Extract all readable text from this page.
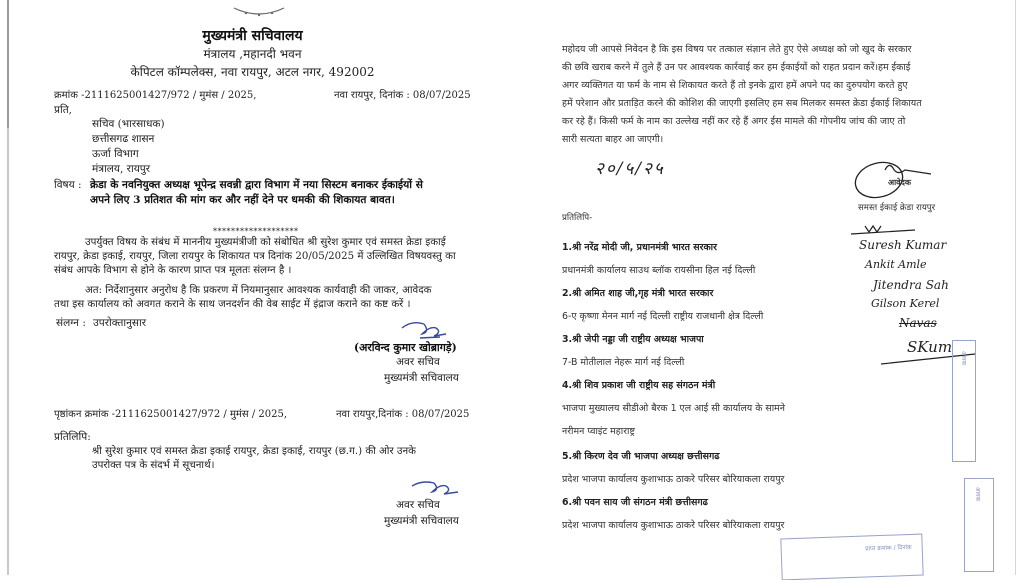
मुख्यमंत्री सचिवालय
मंत्रालय ,महानदी भवन
केपिटल कॉम्पलेक्स, नवा रायपुर, अटल नगर, 492002
क्रमांक -2111625001427/972 / मुमंस / 2025,	नवा रायपुर, दिनांक : 08/07/2025
प्रति,
सचिव (भारसाधक)
छत्तीसगढ शासन
ऊर्जा विभाग
मंत्रालय, रायपुर
विषय : क्रेडा के नवनियुक्त अध्यक्ष भूपेन्द्र सवन्नी द्वारा विभाग में नया सिस्टम बनाकर ईकाईयों से
अपने लिए 3 प्रतिशत की मांग कर और नहीं देने पर धमकी की शिकायत बावत।
*******************
उपर्युक्त विषय के संबंध में माननीय मुख्यमंत्रीजी को संबोधित श्री सुरेश कुमार एवं समस्त क्रेडा इकाई
रायपुर, क्रेडा इकाई, रायपुर, जिला रायपुर के शिकायत पत्र दिनांक 20/05/2025 में उल्लिखित विषयवस्तु का
संबंध आपके विभाग से होने के कारण प्राप्त पत्र मूलतः संलग्न है ।
अत: निर्देशानुसार अनुरोध है कि प्रकरण में नियमानुसार आवश्यक कार्यवाही की जाकर, आवेदक
तथा इस कार्यालय को अवगत कराने के साथ जनदर्शन की वेब साईट में इंद्राज कराने का कष्ट करें ।
संलग्न : उपरोक्तानुसार
(अरविन्द कुमार खोब्रागड़े)
अवर सचिव
मुख्यमंत्री सचिवालय
पृष्ठांकन क्रमांक -2111625001427/972 / मुमंस / 2025,	नवा रायपुर,दिनांक : 08/07/2025
प्रतिलिपि:
श्री सुरेश कुमार एवं समस्त क्रेडा इकाई रायपुर, क्रेडा इकाई, रायपुर (छ.ग.) की ओर उनके
उपरोक्त पत्र के संदर्भ में सूचनार्थ।
अवर सचिव
मुख्यमंत्री सचिवालय
महोदय जी आपसे निवेदन है कि इस विषय पर तत्काल संज्ञान लेते हुए ऐसे अध्यक्ष को जो खुद के सरकार
की छवि खराब करने में तुले हैं उन पर आवश्यक कार्रवाई कर हम ईकाईयों को राहत प्रदान करें।हम ईकाई
अगर व्यक्तिगत या फर्म के नाम से शिकायत करते हैं तो इनके द्वारा हमें अपने पद का दुरुपयोग करते हुए
हमें परेशान और प्रताड़ित करने की कोशिश की जाएगी इसलिए हम सब मिलकर समस्त क्रेडा ईकाई शिकायत
कर रहे हैं। किसी फर्म के नाम का उल्लेख नहीं कर रहे हैं अगर ईस मामले की गोपनीय जांच की जाए तो
सारी सत्यता बाहर आ जाएगी।
२०/५/२५
आवेदक
समस्त ईकाई क्रेडा रायपुर
प्रतिलिपि-
1.श्री नरेंद्र मोदी जी, प्रधानमंत्री भारत सरकार
प्रधानमंत्री कार्यालय साउथ ब्लॉक रायसीना हिल नई दिल्ली
2.श्री अमित शाह जी,गृह मंत्री भारत सरकार
6-ए कृष्णा मेनन मार्ग नई दिल्ली राष्ट्रीय राजधानी क्षेत्र दिल्ली
3.श्री जेपी नड्डा जी राष्ट्रीय अध्यक्ष भाजपा
7-B मोतीलाल नेहरू मार्ग नई दिल्ली
4.श्री शिव प्रकाश जी राष्ट्रीय सह संगठन मंत्री
भाजपा मुख्यालय सीडीओ बैरक 1 एल आई सी कार्यालय के सामने
नरीमन प्वाइंट महाराष्ट्र
5.श्री किरण देव जी भाजपा अध्यक्ष छत्तीसगढ
प्रदेश भाजपा कार्यालय कुशाभाऊ ठाकरे परिसर बोरियाकला रायपुर
6.श्री पवन साय जी संगठन मंत्री छत्तीसगढ
प्रदेश भाजपा कार्यालय कुशाभाऊ ठाकरे परिसर बोरियाकला रायपुर
Suresh Kumar
Ankit Amle
Jitendra Sah
Gilson Kerel
Navas
SKum
आवक
आवक
प्राप्त क्रमांक / दिनांक
